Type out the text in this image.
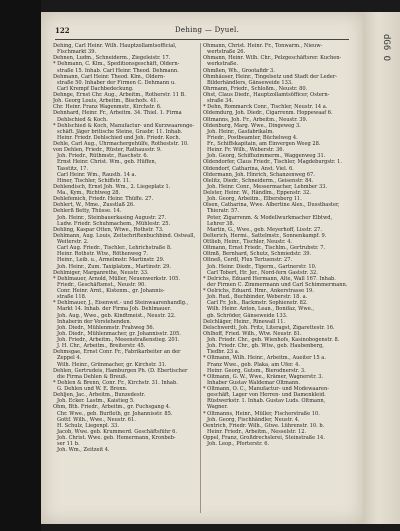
122	Dehing — Dyuel.
Dehing, Carl Heinr. Wilh. Hauptzollamtsofficial,
Fischmarkt 39.
Dehnen, Ludm., Schneiderm., Ziegeleistr. 17.
* Dehmann, C. Klm., Speditionsgeschäft, Oldern-
straße 15. Inhab. Carl Heinr. Theod. Dehmann.
Dehmann, Carl Heinr. Theod. Klm., Oldern-
straße 50. Inhaber der Firmen C. Dehmann u.
Carl Krempf Dachbedeckung.
Dehnge, Ernst Chr. Aug., Arbeitm., Rotherstr. 11 B.
Joh. Georg Louis, Arbeitm., Bischofs. 41.
Chr. Heinr. Franz Wagenmstr., Kirchstr. 6.
Dehnhard, Heinr. Fr., Arbeitm. 34. Thiel. 1. Firma
Dehlschied & Koch.
* Dehlschied & Koch, Manufactur- und Kurzwaarenge-
schäft. Jäger britische Steine, Grasbr. 11. Inhab.
Heinr. Friedr. Dehlschied und Joh. Friedr. Koch.
Dehle, Carl Aug., Uhrmachergehülfe, Rotheststr. 10.
von Dehlen, Friedr., Rüster, Rathausstr. 9.
Joh. Friedr., Rüthmstr., Raschstr. 6.
Ernst Heinr. Christ. Wm., geb. Hüffen,
Tasstitz, 17.
Carl Heinr. Wm., Raustb. 14 a.
Hiner, Tischler, Schiffstr. 11.
Dehlendisch, Ernst Joh. Wm., 2. Liegeplatz 1.
Ma., Kym., Richtweg 28.
Dehlefemich, Friedr. Heinr. Thüffe. 27.
Dehlert, W., Mme., Zusstlaß 26.
Dehlerß Betty, Thüsse. 14.
Joh. Heinr., Steinbauerkasing Augustr. 27.
Ludw. Friedr. Schuhmachem., Mühlestr. 25.
Dehling, Kaspar Otten, Wtwe., Rothstr. 73.
Dehlmann, Aug. Louis, Zeitschriftenbuchbind. Ostwall,
Weiterstr. 2.
Carl Aug. Friedr., Tischler., Lehrichstraße 8.
Heinr. Rothstr. Wtw., Röthenweg 7.
Heinr., Leib. u., Ärmelmstr. Martinstr. 29.
Joh. Heinr., Zum. Taxiplatzm., Martinstr. 29.
Dehlmiger, Marganrethe, Neustr. 33.
* Dehlmauer, Arnold, Müller, Neuenwerkstr. 105.
Friedr., Geschäftsmst., Neustr. 90.
Conr. Heinr. Arnt., Kistenm., gr. Johannis-
straße 118.
* Dehlmauer, J., Eisenwst.- und Steinwaarenhandlg.,
Markt 14. Inhab. der Firma Joh. Dehlmauer.
Joh. Aug., Wwe., geb. Kindtmeist., Neustr. 22.
Inhaberin der Vorstehenden.
Joh. Diedr., Mühlenmstr. Frahweg 56.
Joh. Diedr., Mühlenmacher, gr. Johannisstr. 205.
Joh. Friedr., Arbeitm., Meeenstraßenstieg. 201.
J. H. Chr., Arbeitm., Breiterstr. 45.
Dehmsgae, Ernst Conr. Fr., Fabrikarbeiter an der
Zeppel 4.
Wilh. Heinr., Grünmacher, gr. Kirchstr. 31.
Dehlen, Gertrudeis, Hamburgen Ph. (D. Ebertischer
die Firma Dehlen & Breuß.
* Dehlen & Brenn, Conr. Fr., Kirchstr. 31. Inhab.
G. Dehlen und W. E. Brenn.
Dehljen, Jac., Arbeitm., Bunzedestr.
Joh. Ecker. Lastm., Kaistieg 5.
Ohm, Bth. Friedr., Arbeitm., gr. Fuchsgang 4.
Chr. Wwe., geb. Burfleth, gr. Johannisstr. 85.
Gottf. Wilh., Wwe., Neustr. 61.
H. Schulz, Liegenpl. 33.
Jacob, Wwe. geb. Krummerd. Geschäftsführ 6.
Joh. Christ. Wwe. geb. Hemermann, Kronbeb-
ser 11 b.
Joh. Wm., Zeitzeit 4.
Ohmann, Christ. Heinr. Fr., Tonwarm., Nieuw-
wertstraße 26.
Ohmann, Heinr. Wilh. Chr., Pelzgeschäftsrer. Kuchen-
werkstraße.
Ohmßen, Wh., Grootafidr 3.
Ohmhäuser, Heinr., Tingelsetz und Stadt der Leder-
Bilderhändlers, Gänseweide 133.
Ohrmann, Friedr., Schloßm., Neustr. 80.
Ohst, Claus Diedr., Hauptzollamtsöfficer, Ostern-
straße 34.
* Dehn, Rommarck Conr., Tischler, Neustr. 14 a.
Oldemdurg, Joh. Diedr., Cigarrenm. Hoppewaaf 6.
Öltmanns, Joh. Fr., Arbeitm., Neustr. 39.
Oldenburg, Marg. Wwe., Dingeweg 3.
Joh. Heinr., Gasfabrikalm.
Friedr., Postbeamter, Büchelweg 4.
Fr., Schiffskapitain, am Einvergen Weeg 28.
Heinr. Fr. Wilh., Weberstr. 36.
Joh. Georg, Schiffszimmerm., Waggenweg 31.
Oldendorfer, Claus Friedr., Tischler, Magdeburgstr. 1.
Oldendorf, Catharina, Anst. Viel. 6.
Oldermann, Joh. Hinrich, Schanzenweg 67.
Olelitz, Diedr., Schneiderm., Geisenstr. 84.
Joh. Heinr. Conr., Messermacher, Lehmber 33.
Delster, Heinr. W., Händlm., Eppenstr. 32.
Joh. Georg, Arbeitm., Elbersberg 11.
Olsen, Catharina, Wwe. Albertine Alex., Dusstbaster,
Thieratr. 57.
Peter, Zigarrenm. & Modellwurkmacher Elbtwd,
Lehrer 38.
Martin, G., Wwe., geb. Meyerhoff, Lisstr. 27.
Delterich, Hermi., Sattelmstr., Sonnenkampf. 9.
Ottlieb, Heinr., Tischler, Neustr. 4.
Oltmann, Ernst Friedr., Tischlm., Gertrubstr. 7.
Oltmß, Bernhard, Schutz, Schmiedstr. 39.
Oltneß, Cerdl, Flux Tertuenstr. 27.
Joh. Heinr. Diedr., Tigerm., Gartnerstr. 10.
Carl Tobert, Hr. Jer., Nord-fern Gaststr. 32.
* Delrichs, Eduard Hermann, Alte, Wall 167. Inhab.
der Firmen C. Zimmermann und Carl Schimmermann.
* Oelrichs, Eduard. Hmr., Ankerstrasse 19.
Joh. Rud., Buchbinder, Weberstr. 18. a.
Carl Fr. Joh., Backmstr. Sophienstr. 82.
Wilh. Heinr. Anton, Lean., Bonifaz, Wwe.,
gb. Schröder, Gänseweide 133.
Delchläger, Heinr., Rinewall 11.
Delschwerdt, Joh. Fritz, Literagst, Zigarettestr. 16.
Ohlhoff, Fried. Wilh., Wtw. Neustr. 81.
Joh. Friedr. Chr., geb. Wienhofs, Kasinobogenstr. 8.
Joh. Friedr. Chr., gb. Wtw., geb. Haubenberg,
Tiedbr. 23 a.
* Oltmann, Wilh. Heinr., Arbeitm., Aueiter 15 a.
Franz Wwe., geb. Plaka, am Ufer. 4.
Heinr. Georg, Gutsm., Bierodnerstr. 3.
* Oltmann, G. W., Wwe., Krämer, Wagnerstr. 3.
Inhaber Gustav Waldemar Oltmann.
* Oltmann, O. C., Manufactur- und Modewaaren-
geschäft, Lager von Herren- und Damenkleid.
Rüstwerkstr. 1. Inhab. Gustav Luds. Oltmann,
Wagner.
* Oltmanns, Heinr., Müller, Fischerstraße 10.
Joh. Georg, Fischhändler, Neustr. 4.
Oentrich, Friedr. Wilh., Gtwe. Lührenstr. 10. b.
Heinr. Friedr., Arbeitm., Nesselstr. 12.
Oppel, Franz, Großdrechslerei, Steinstraße 14.
Joh. Leop., Pforterstr. 6.
dG6 O
